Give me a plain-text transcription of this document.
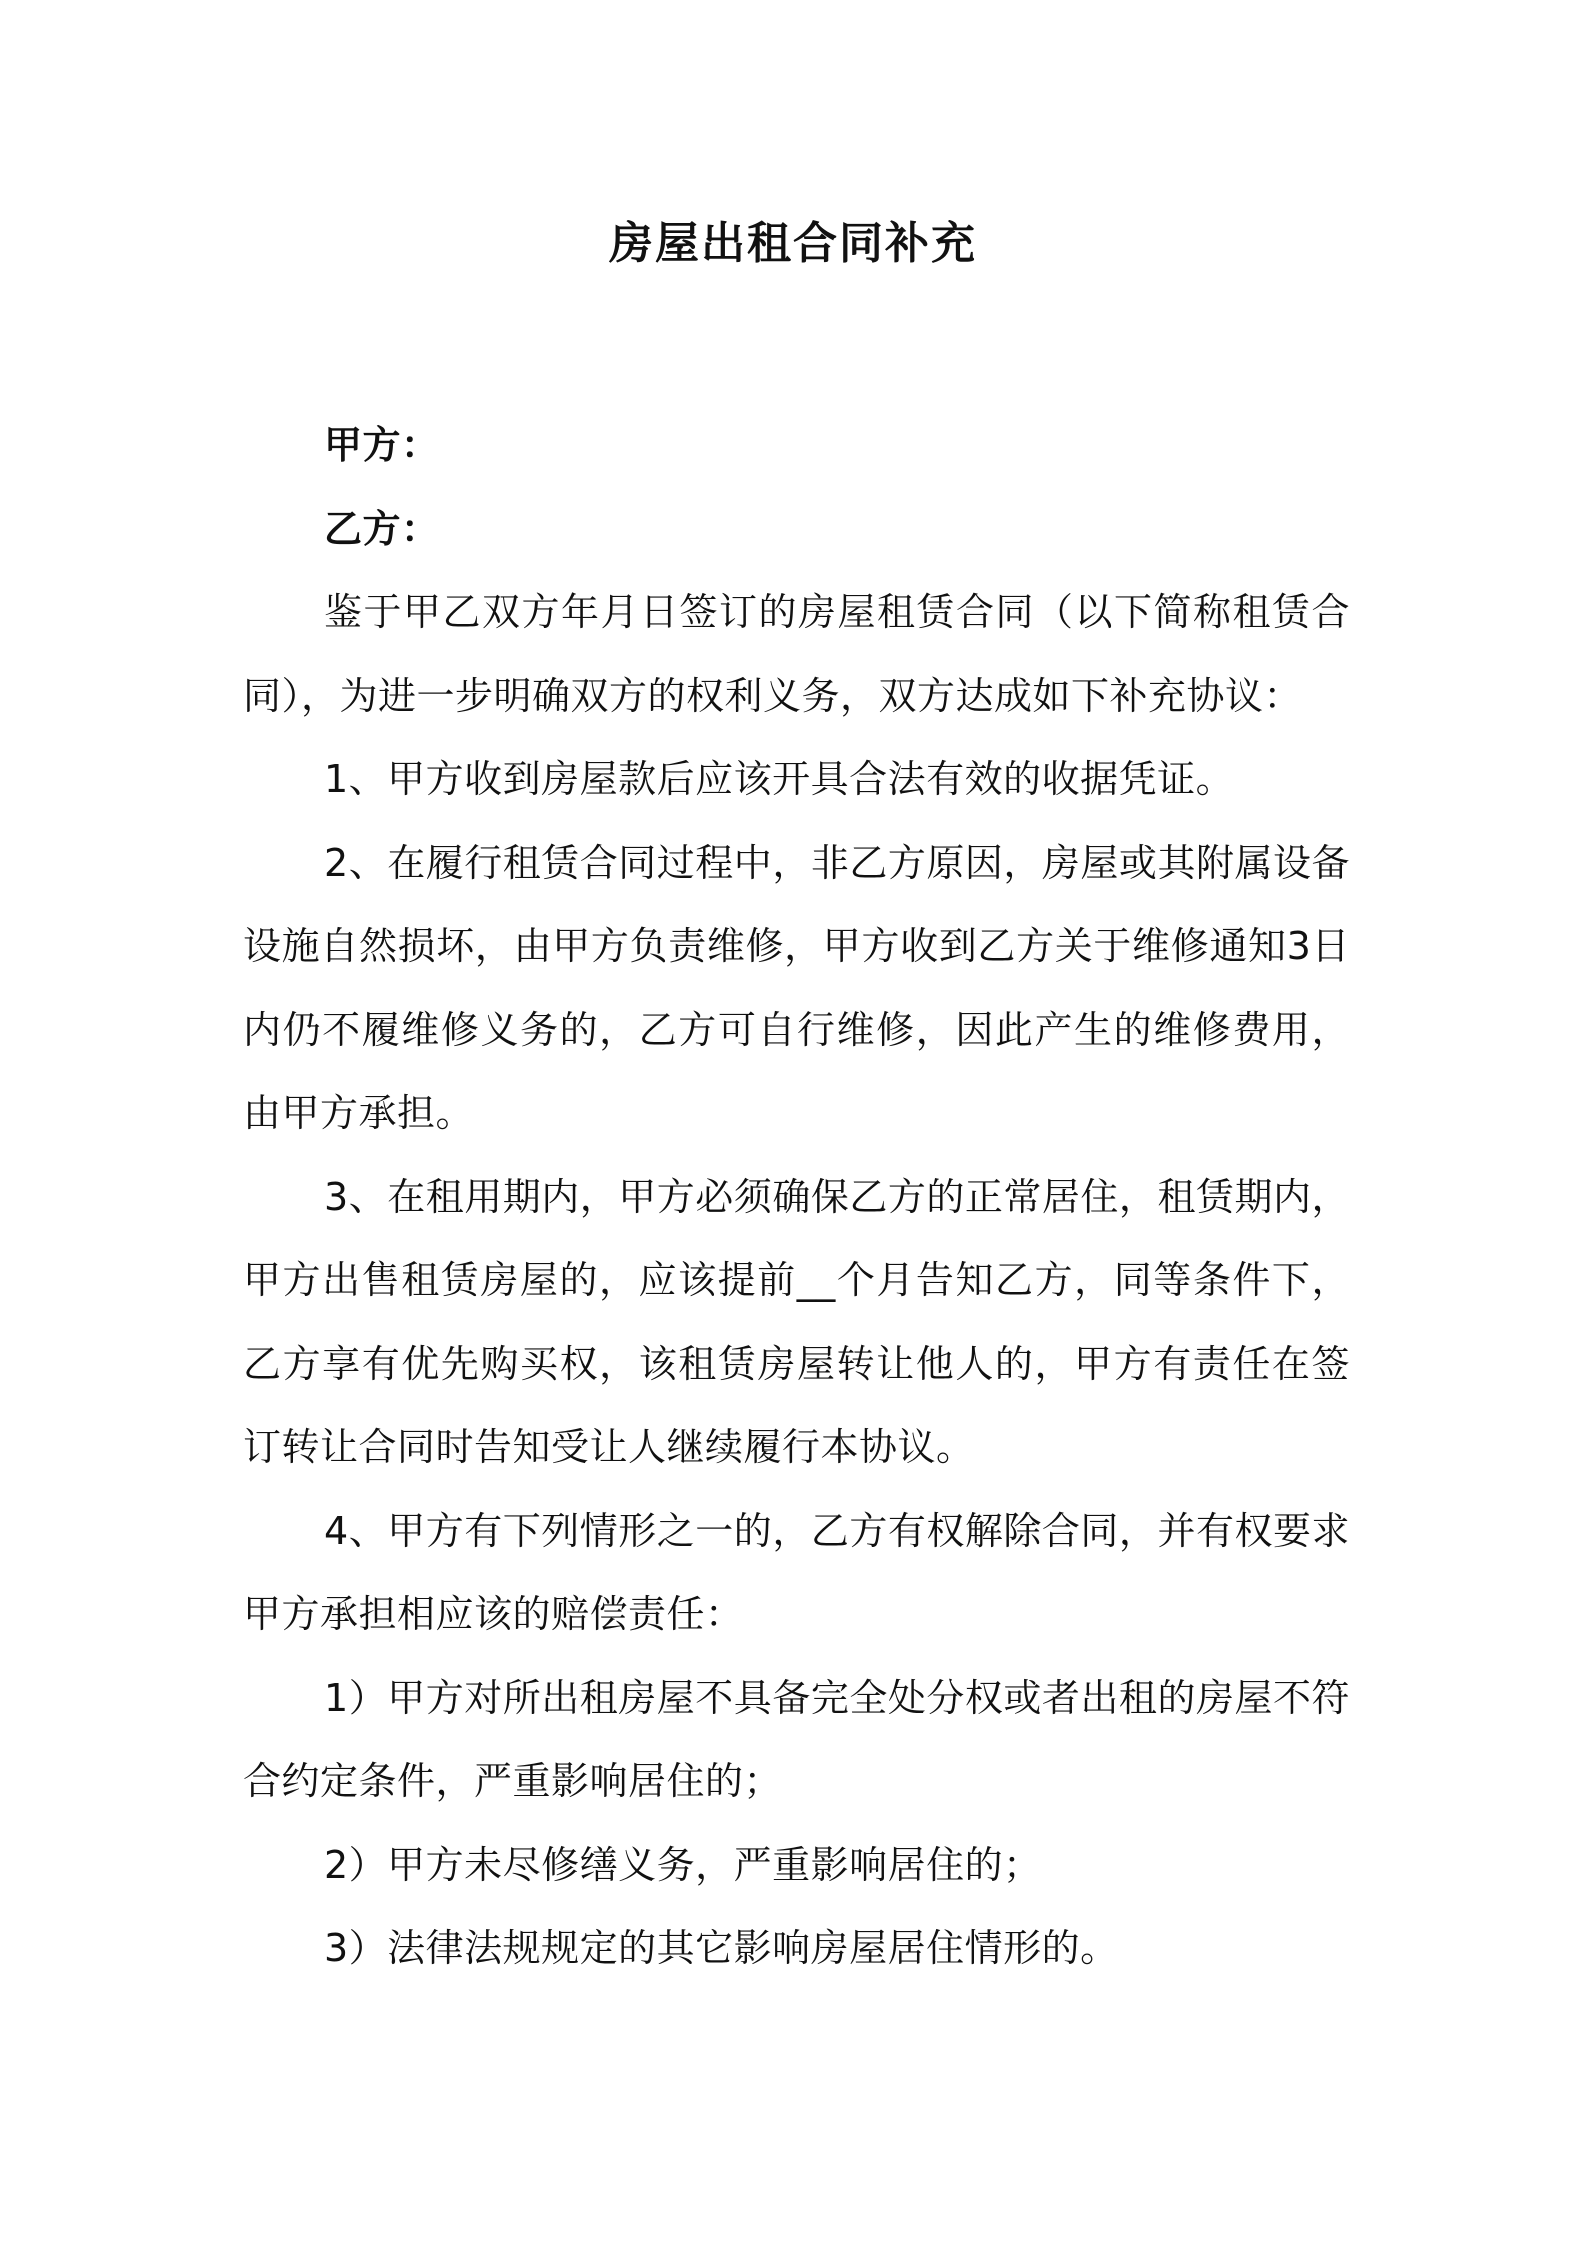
房屋出租合同补充

甲方：

乙方：

鉴于甲乙双方年月日签订的房屋租赁合同（以下简称租赁合同），为进一步明确双方的权利义务，双方达成如下补充协议：

1、甲方收到房屋款后应该开具合法有效的收据凭证。

2、在履行租赁合同过程中，非乙方原因，房屋或其附属设备设施自然损坏，由甲方负责维修，甲方收到乙方关于维修通知3日内仍不履维修义务的，乙方可自行维修，因此产生的维修费用，由甲方承担。

3、在租用期内，甲方必须确保乙方的正常居住，租赁期内，甲方出售租赁房屋的，应该提前__个月告知乙方，同等条件下，乙方享有优先购买权，该租赁房屋转让他人的，甲方有责任在签订转让合同时告知受让人继续履行本协议。

4、甲方有下列情形之一的，乙方有权解除合同，并有权要求甲方承担相应该的赔偿责任：

1）甲方对所出租房屋不具备完全处分权或者出租的房屋不符合约定条件，严重影响居住的；

2）甲方未尽修缮义务，严重影响居住的；

3）法律法规规定的其它影响房屋居住情形的。
